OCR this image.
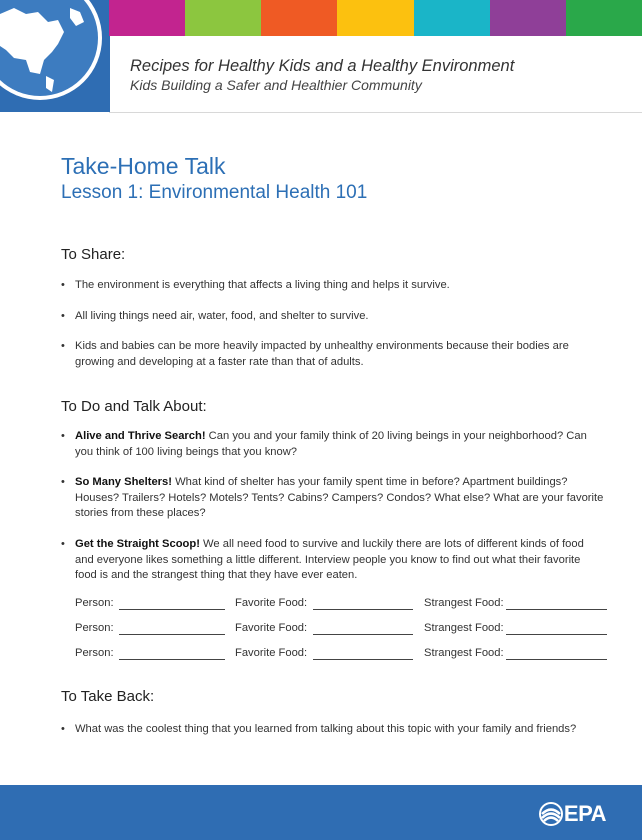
Recipes for Healthy Kids and a Healthy Environment
Kids Building a Safer and Healthier Community
Take-Home Talk
Lesson 1: Environmental Health 101
To Share:
• The environment is everything that affects a living thing and helps it survive.
• All living things need air, water, food, and shelter to survive.
• Kids and babies can be more heavily impacted by unhealthy environments because their bodies are growing and developing at a faster rate than that of adults.
To Do and Talk About:
• Alive and Thrive Search! Can you and your family think of 20 living beings in your neighborhood? Can you think of 100 living beings that you know?
• So Many Shelters! What kind of shelter has your family spent time in before? Apartment buildings? Houses? Trailers? Hotels? Motels? Tents? Cabins? Campers? Condos? What else? What are your favorite stories from these places?
• Get the Straight Scoop! We all need food to survive and luckily there are lots of different kinds of food and everyone likes something a little different. Interview people you know to find out what their favorite food is and the strangest thing that they have ever eaten.
Person:	Favorite Food:	Strangest Food:
Person:	Favorite Food:	Strangest Food:
Person:	Favorite Food:	Strangest Food:
To Take Back:
• What was the coolest thing that you learned from talking about this topic with your family and friends?
EPA
